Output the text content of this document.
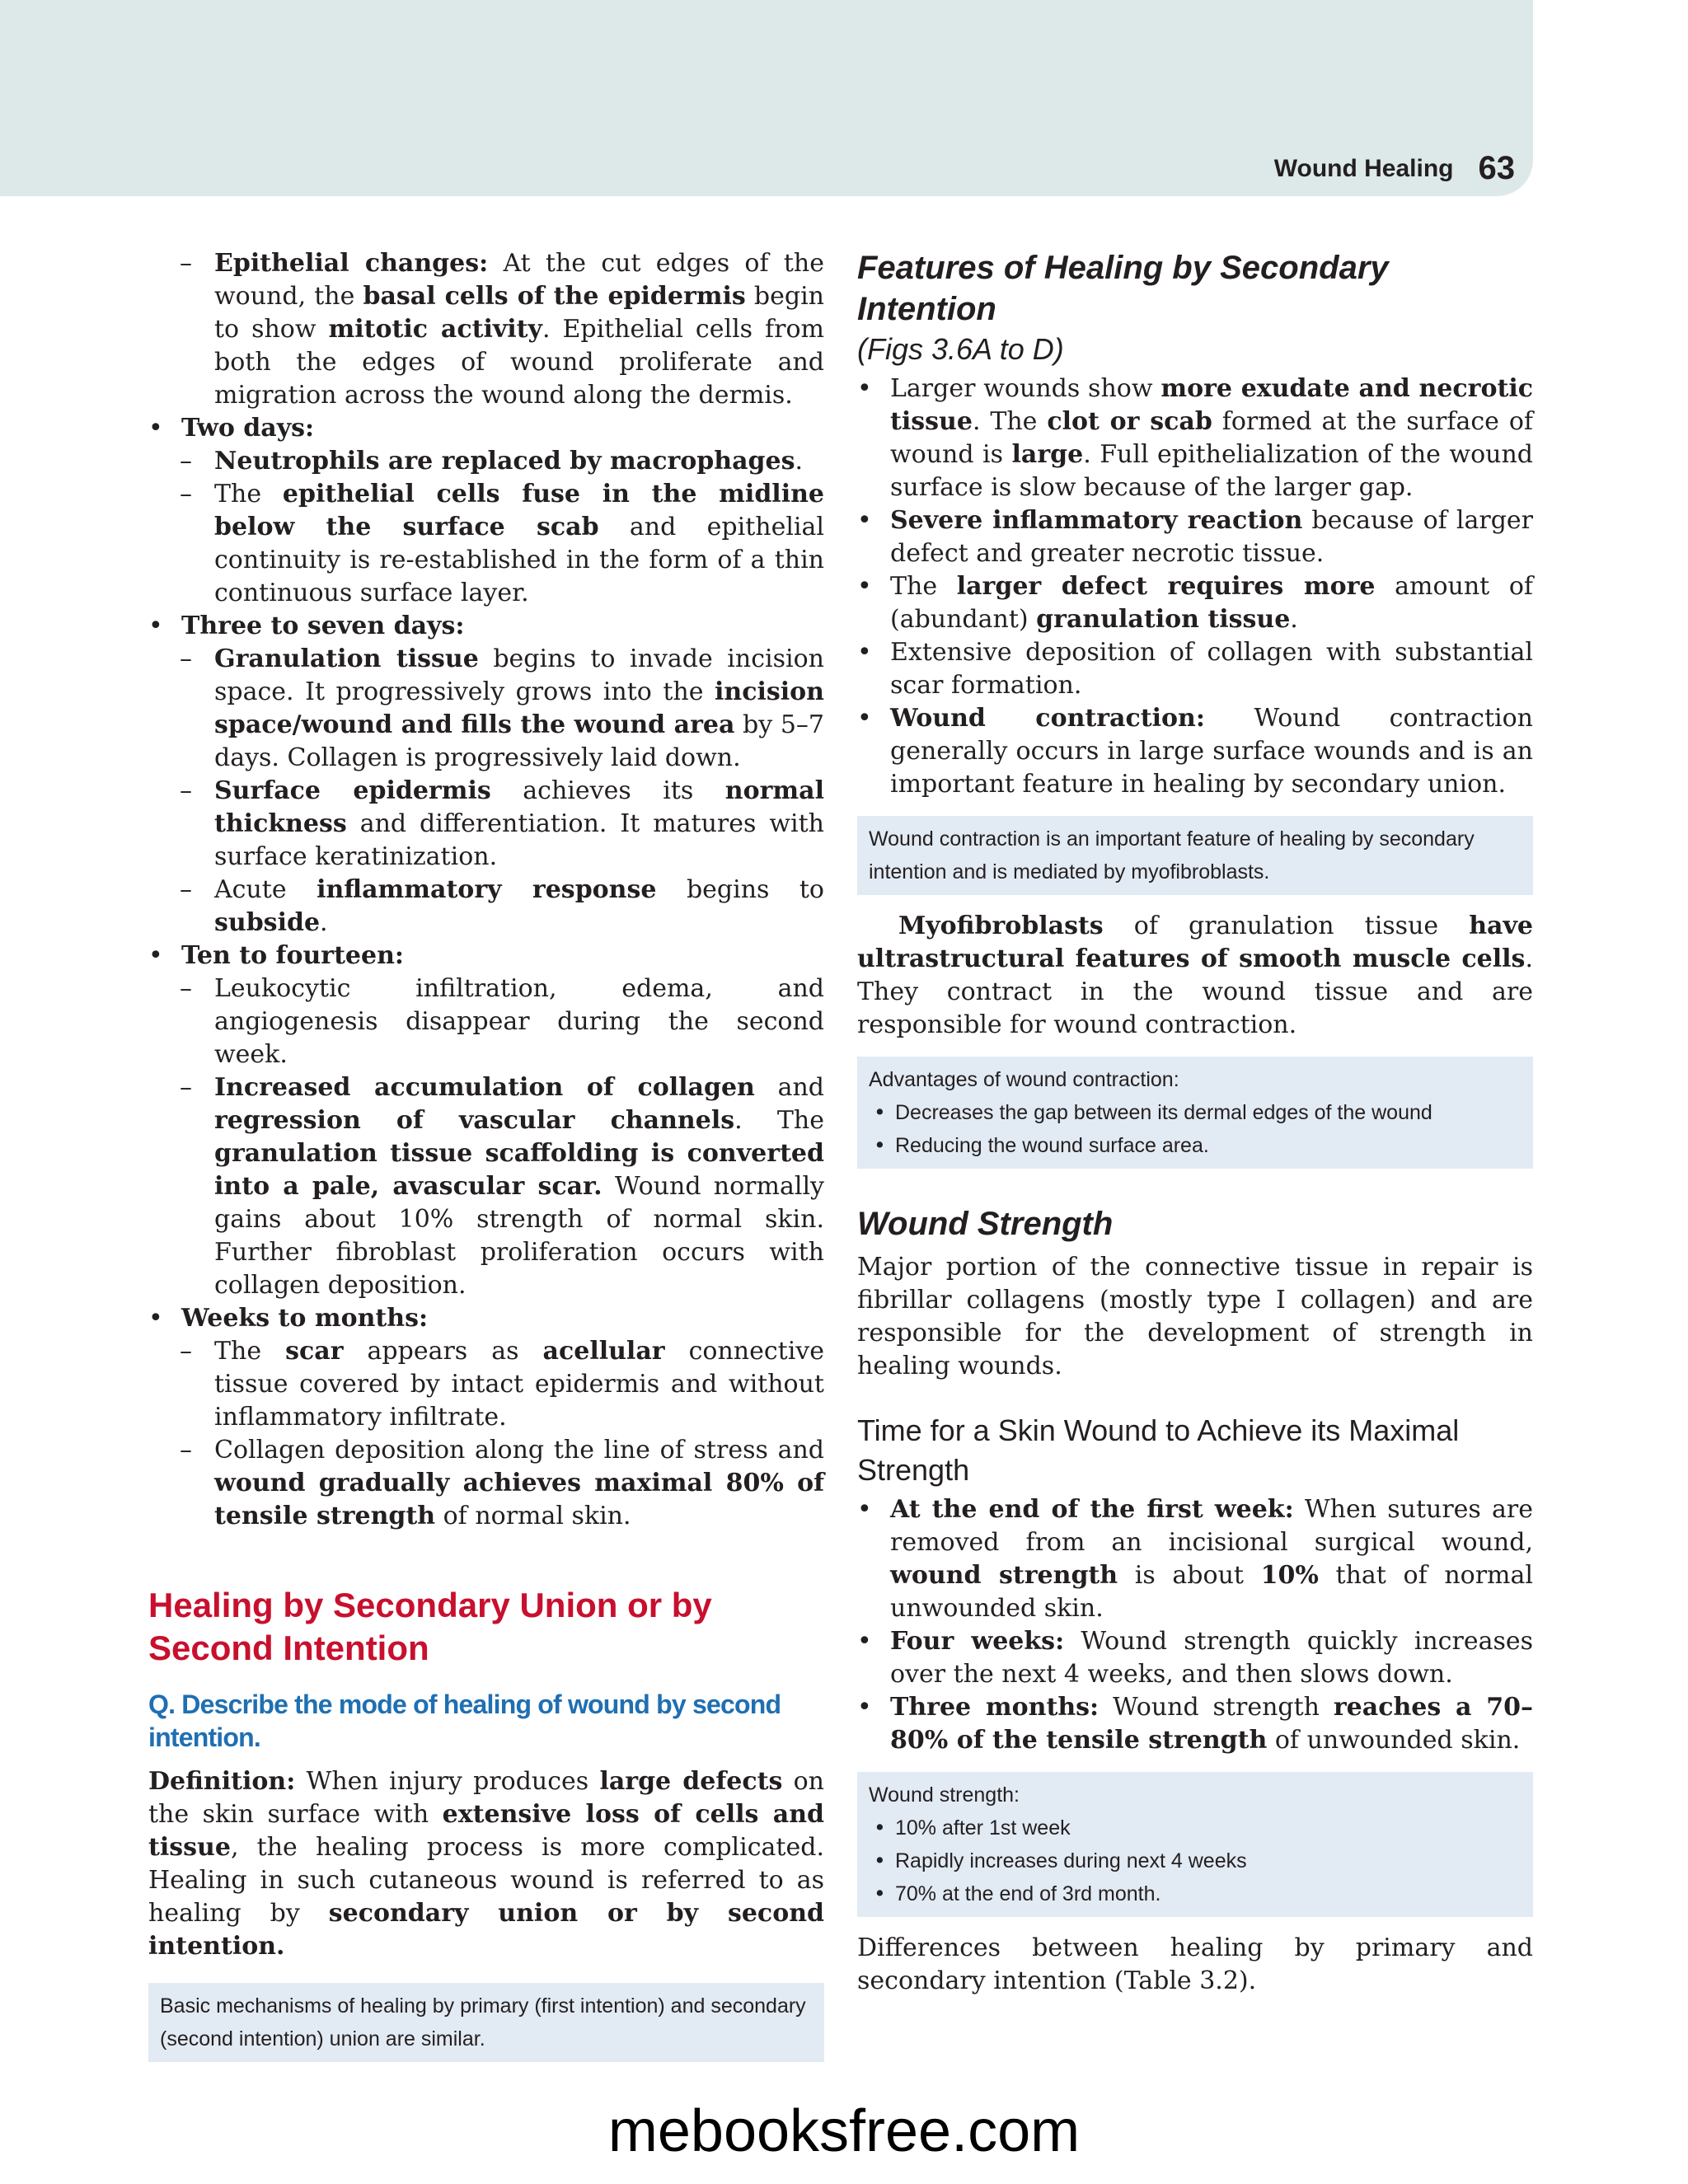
Wound Healing 63
– Epithelial changes: At the cut edges of the wound, the basal cells of the epidermis begin to show mitotic activity. Epithelial cells from both the edges of wound proliferate and migration across the wound along the dermis.
• Two days:
– Neutrophils are replaced by macrophages.
– The epithelial cells fuse in the midline below the surface scab and epithelial continuity is re-established in the form of a thin continuous surface layer.
• Three to seven days:
– Granulation tissue begins to invade incision space. It progressively grows into the incision space/wound and fills the wound area by 5–7 days. Collagen is progressively laid down.
– Surface epidermis achieves its normal thickness and differentiation. It matures with surface keratinization.
– Acute inflammatory response begins to subside.
• Ten to fourteen:
– Leukocytic infiltration, edema, and angiogenesis disappear during the second week.
– Increased accumulation of collagen and regression of vascular channels. The granulation tissue scaffolding is converted into a pale, avascular scar. Wound normally gains about 10% strength of normal skin. Further fibroblast proliferation occurs with collagen deposition.
• Weeks to months:
– The scar appears as acellular connective tissue covered by intact epidermis and without inflammatory infiltrate.
– Collagen deposition along the line of stress and wound gradually achieves maximal 80% of tensile strength of normal skin.
Healing by Secondary Union or by Second Intention

Q. Describe the mode of healing of wound by second intention.

Definition: When injury produces large defects on the skin surface with extensive loss of cells and tissue, the healing process is more complicated. Healing in such cutaneous wound is referred to as healing by secondary union or by second intention.

Basic mechanisms of healing by primary (first intention) and secondary (second intention) union are similar.

Features of Healing by Secondary Intention

(Figs 3.6A to D)

• Larger wounds show more exudate and necrotic tissue. The clot or scab formed at the surface of wound is large. Full epithelialization of the wound surface is slow because of the larger gap.
• Severe inflammatory reaction because of larger defect and greater necrotic tissue.
• The larger defect requires more amount of (abundant) granulation tissue.
• Extensive deposition of collagen with substantial scar formation.
• Wound contraction: Wound contraction generally occurs in large surface wounds and is an important feature in healing by secondary union.
Wound contraction is an important feature of healing by secondary intention and is mediated by myofibroblasts.

Myofibroblasts of granulation tissue have ultrastructural features of smooth muscle cells. They contract in the wound tissue and are responsible for wound contraction.

Advantages of wound contraction:
• Decreases the gap between its dermal edges of the wound
• Reducing the wound surface area.

Wound Strength

Major portion of the connective tissue in repair is fibrillar collagens (mostly type I collagen) and are responsible for the development of strength in healing wounds.

Time for a Skin Wound to Achieve its Maximal Strength

• At the end of the first week: When sutures are removed from an incisional surgical wound, wound strength is about 10% that of normal unwounded skin.
• Four weeks: Wound strength quickly increases over the next 4 weeks, and then slows down.
• Three months: Wound strength reaches a 70–80% of the tensile strength of unwounded skin.
Wound strength:
• 10% after 1st week
• Rapidly increases during next 4 weeks
• 70% at the end of 3rd month.

Differences between healing by primary and secondary intention (Table 3.2).

mebooksfree.com
